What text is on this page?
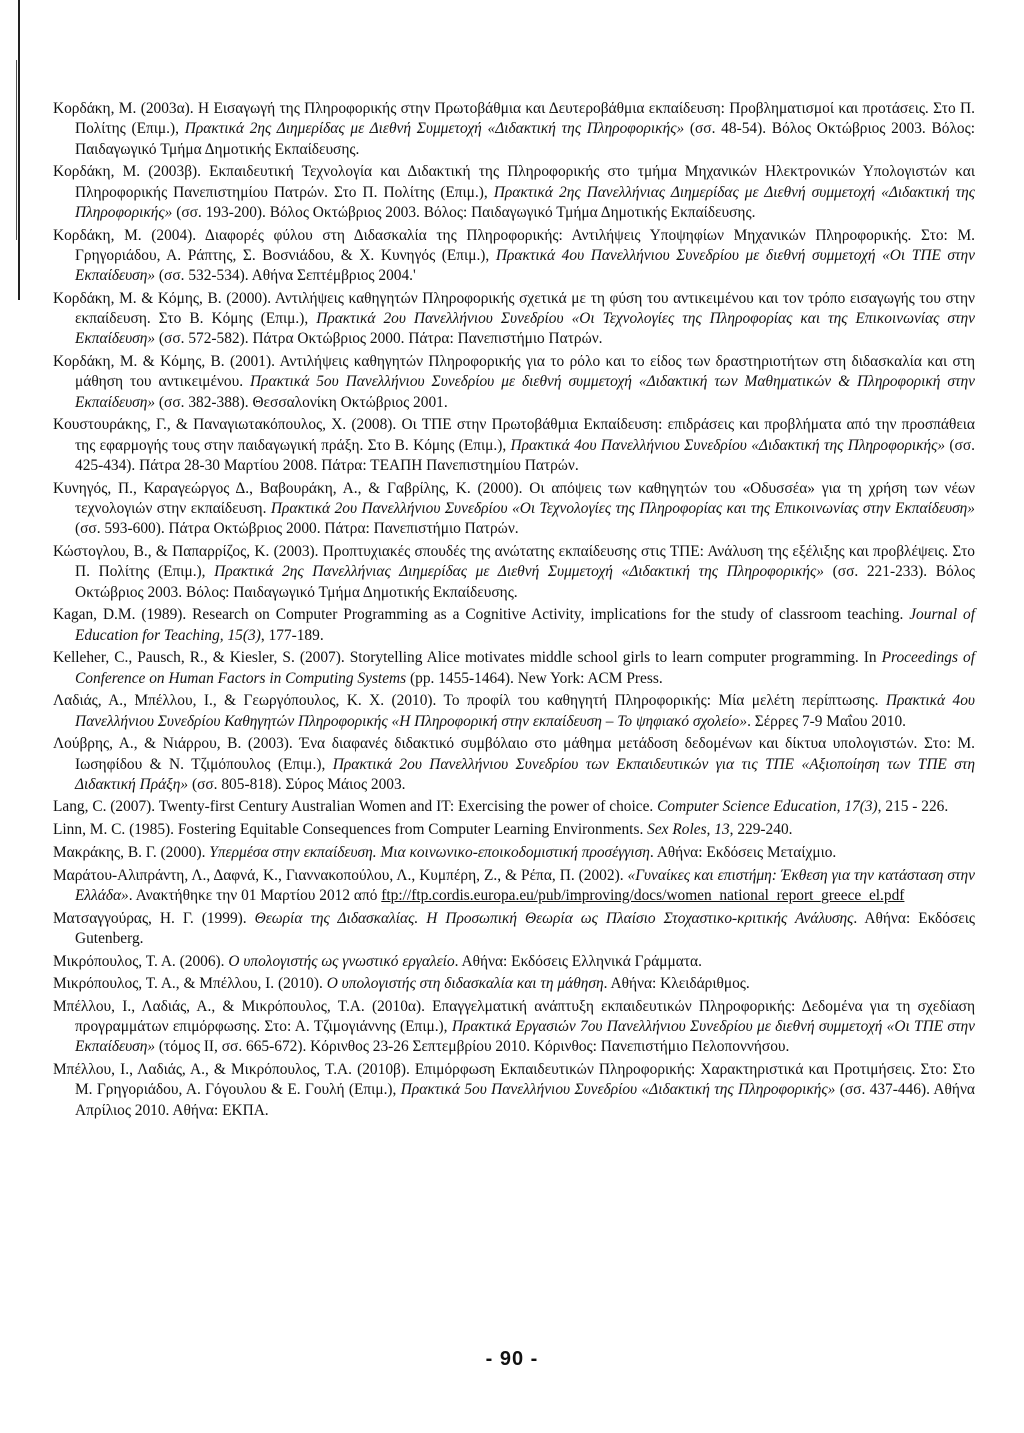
Κορδάκη, Μ. (2003α). Η Εισαγωγή της Πληροφορικής στην Πρωτοβάθμια και Δευτεροβάθμια εκπαίδευση: Προβληματισμοί και προτάσεις. Στο Π. Πολίτης (Επιμ.), Πρακτικά 2ης Διημερίδας με Διεθνή Συμμετοχή «Διδακτική της Πληροφορικής» (σσ. 48-54). Βόλος Οκτώβριος 2003. Βόλος: Παιδαγωγικό Τμήμα Δημοτικής Εκπαίδευσης.

Κορδάκη, Μ. (2003β). Εκπαιδευτική Τεχνολογία και Διδακτική της Πληροφορικής στο τμήμα Μηχανικών Ηλεκτρονικών Υπολογιστών και Πληροφορικής Πανεπιστημίου Πατρών. Στο Π. Πολίτης (Επιμ.), Πρακτικά 2ης Πανελλήνιας Διημερίδας με Διεθνή συμμετοχή «Διδακτική της Πληροφορικής» (σσ. 193-200). Βόλος Οκτώβριος 2003. Βόλος: Παιδαγωγικό Τμήμα Δημοτικής Εκπαίδευσης.

Κορδάκη, Μ. (2004). Διαφορές φύλου στη Διδασκαλία της Πληροφορικής: Αντιλήψεις Υποψηφίων Μηχανικών Πληροφορικής. Στο: Μ. Γρηγοριάδου, Α. Ράπτης, Σ. Βοσνιάδου, & Χ. Κυνηγός (Επιμ.), Πρακτικά 4ου Πανελλήνιου Συνεδρίου με διεθνή συμμετοχή «Οι ΤΠΕ στην Εκπαίδευση» (σσ. 532-534). Αθήνα Σεπτέμβριος 2004.'

Κορδάκη, Μ. & Κόμης, Β. (2000). Αντιλήψεις καθηγητών Πληροφορικής σχετικά με τη φύση του αντικειμένου και τον τρόπο εισαγωγής του στην εκπαίδευση. Στο Β. Κόμης (Επιμ.), Πρακτικά 2ου Πανελλήνιου Συνεδρίου «Οι Τεχνολογίες της Πληροφορίας και της Επικοινωνίας στην Εκπαίδευση» (σσ. 572-582). Πάτρα Οκτώβριος 2000. Πάτρα: Πανεπιστήμιο Πατρών.

Κορδάκη, Μ. & Κόμης, Β. (2001). Αντιλήψεις καθηγητών Πληροφορικής για το ρόλο και το είδος των δραστηριοτήτων στη διδασκαλία και στη μάθηση του αντικειμένου. Πρακτικά 5ου Πανελλήνιου Συνεδρίου με διεθνή συμμετοχή «Διδακτική των Μαθηματικών & Πληροφορική στην Εκπαίδευση» (σσ. 382-388). Θεσσαλονίκη Οκτώβριος 2001.

Κουστουράκης, Γ., & Παναγιωτακόπουλος, Χ. (2008). Οι ΤΠΕ στην Πρωτοβάθμια Εκπαίδευση: επιδράσεις και προβλήματα από την προσπάθεια της εφαρμογής τους στην παιδαγωγική πράξη. Στο Β. Κόμης (Επιμ.), Πρακτικά 4ου Πανελλήνιου Συνεδρίου «Διδακτική της Πληροφορικής» (σσ. 425-434). Πάτρα 28-30 Μαρτίου 2008. Πάτρα: ΤΕΑΠΗ Πανεπιστημίου Πατρών.

Κυνηγός, Π., Καραγεώργος Δ., Βαβουράκη, Α., & Γαβρίλης, Κ. (2000). Οι απόψεις των καθηγητών του «Οδυσσέα» για τη χρήση των νέων τεχνολογιών στην εκπαίδευση. Πρακτικά 2ου Πανελλήνιου Συνεδρίου «Οι Τεχνολογίες της Πληροφορίας και της Επικοινωνίας στην Εκπαίδευση» (σσ. 593-600). Πάτρα Οκτώβριος 2000. Πάτρα: Πανεπιστήμιο Πατρών.

Κώστογλου, Β., & Παπαρρίζος, Κ. (2003). Προπτυχιακές σπουδές της ανώτατης εκπαίδευσης στις ΤΠΕ: Ανάλυση της εξέλιξης και προβλέψεις. Στο Π. Πολίτης (Επιμ.), Πρακτικά 2ης Πανελλήνιας Διημερίδας με Διεθνή Συμμετοχή «Διδακτική της Πληροφορικής» (σσ. 221-233). Βόλος Οκτώβριος 2003. Βόλος: Παιδαγωγικό Τμήμα Δημοτικής Εκπαίδευσης.

Kagan, D.M. (1989). Research on Computer Programming as a Cognitive Activity, implications for the study of classroom teaching. Journal of Education for Teaching, 15(3), 177-189.

Kelleher, C., Pausch, R., & Kiesler, S. (2007). Storytelling Alice motivates middle school girls to learn computer programming. In Proceedings of Conference on Human Factors in Computing Systems (pp. 1455-1464). New York: ACM Press.

Λαδιάς, Α., Μπέλλου, Ι., & Γεωργόπουλος, Κ. Χ. (2010). Το προφίλ του καθηγητή Πληροφορικής: Μία μελέτη περίπτωσης. Πρακτικά 4ου Πανελλήνιου Συνεδρίου Καθηγητών Πληροφορικής «Η Πληροφορική στην εκπαίδευση – Το ψηφιακό σχολείο». Σέρρες 7-9 Μαΐου 2010.

Λούβρης, Α., & Νιάρρου, Β. (2003). Ένα διαφανές διδακτικό συμβόλαιο στο μάθημα μετάδοση δεδομένων και δίκτυα υπολογιστών. Στο: Μ. Ιωσηφίδου & Ν. Τζιμόπουλος (Επιμ.), Πρακτικά 2ου Πανελλήνιου Συνεδρίου των Εκπαιδευτικών για τις ΤΠΕ «Αξιοποίηση των ΤΠΕ στη Διδακτική Πράξη» (σσ. 805-818). Σύρος Μάιος 2003.

Lang, C. (2007). Twenty-first Century Australian Women and IT: Exercising the power of choice. Computer Science Education, 17(3), 215 - 226.

Linn, M. C. (1985). Fostering Equitable Consequences from Computer Learning Environments. Sex Roles, 13, 229-240.

Μακράκης, Β. Γ. (2000). Υπερμέσα στην εκπαίδευση. Μια κοινωνικο-εποικοδομιστική προσέγγιση. Αθήνα: Εκδόσεις Μεταίχμιο.

Μαράτου-Αλιπράντη, Λ., Δαφνά, Κ., Γιαννακοπούλου, Λ., Κυμπέρη, Ζ., & Ρέπα, Π. (2002). «Γυναίκες και επιστήμη: Έκθεση για την κατάσταση στην Ελλάδα». Ανακτήθηκε την 01 Μαρτίου 2012 από ftp://ftp.cordis.europa.eu/pub/improving/docs/women_national_report_greece_el.pdf

Ματσαγγούρας, Η. Γ. (1999). Θεωρία της Διδασκαλίας. Η Προσωπική Θεωρία ως Πλαίσιο Στοχαστικο-κριτικής Ανάλυσης. Αθήνα: Εκδόσεις Gutenberg.

Μικρόπουλος, Τ. Α. (2006). Ο υπολογιστής ως γνωστικό εργαλείο. Αθήνα: Εκδόσεις Ελληνικά Γράμματα.

Μικρόπουλος, Τ. Α., & Μπέλλου, Ι. (2010). Ο υπολογιστής στη διδασκαλία και τη μάθηση. Αθήνα: Κλειδάριθμος.

Μπέλλου, Ι., Λαδιάς, Α., & Μικρόπουλος, Τ.Α. (2010α). Επαγγελματική ανάπτυξη εκπαιδευτικών Πληροφορικής: Δεδομένα για τη σχεδίαση προγραμμάτων επιμόρφωσης. Στο: Α. Τζιμογιάννης (Επιμ.), Πρακτικά Εργασιών 7ου Πανελλήνιου Συνεδρίου με διεθνή συμμετοχή «Οι ΤΠΕ στην Εκπαίδευση» (τόμος ΙΙ, σσ. 665-672). Κόρινθος 23-26 Σεπτεμβρίου 2010. Κόρινθος: Πανεπιστήμιο Πελοποννήσου.

Μπέλλου, Ι., Λαδιάς, Α., & Μικρόπουλος, Τ.Α. (2010β). Επιμόρφωση Εκπαιδευτικών Πληροφορικής: Χαρακτηριστικά και Προτιμήσεις. Στο: Στο Μ. Γρηγοριάδου, Α. Γόγουλου & Ε. Γουλή (Επιμ.), Πρακτικά 5ου Πανελλήνιου Συνεδρίου «Διδακτική της Πληροφορικής» (σσ. 437-446). Αθήνα Απρίλιος 2010. Αθήνα: ΕΚΠΑ.

- 90 -
